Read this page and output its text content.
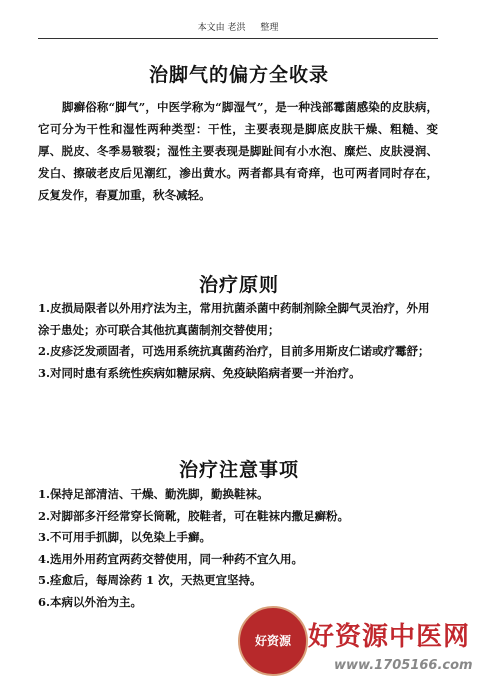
本文由 老洪 整理
治脚气的偏方全收录
脚癣俗称“脚气”，中医学称为“脚湿气”，是一种浅部霉菌感染的皮肤病，它可分为干性和湿性两种类型：干性，主要表现是脚底皮肤干燥、粗糙、变厚、脱皮、冬季易皲裂；湿性主要表现是脚趾间有小水泡、糜烂、皮肤浸润、发白、擦破老皮后见潮红，渗出黄水。两者都具有奇痒，也可两者同时存在，反复发作，春夏加重，秋冬减轻。
治疗原则
1.皮损局限者以外用疗法为主，常用抗菌杀菌中药制剂除全脚气灵治疗，外用涂于患处；亦可联合其他抗真菌制剂交替使用；
2.皮疹泛发顽固者，可选用系统抗真菌药治疗，目前多用斯皮仁诺或疗霉舒；
3.对同时患有系统性疾病如糖尿病、免疫缺陷病者要一并治疗。
治疗注意事项
1.保持足部清洁、干燥、勤洗脚，勤换鞋袜。
2.对脚部多汗经常穿长筒靴，胶鞋者，可在鞋袜内撒足癣粉。
3.不可用手抓脚，以免染上手癣。
4.选用外用药宜两药交替使用，同一种药不宜久用。
5.痊愈后，每周涂药 1 次，天热更宜坚持。
6.本病以外治为主。
好资源 好资源中医网
www.1705166.com
